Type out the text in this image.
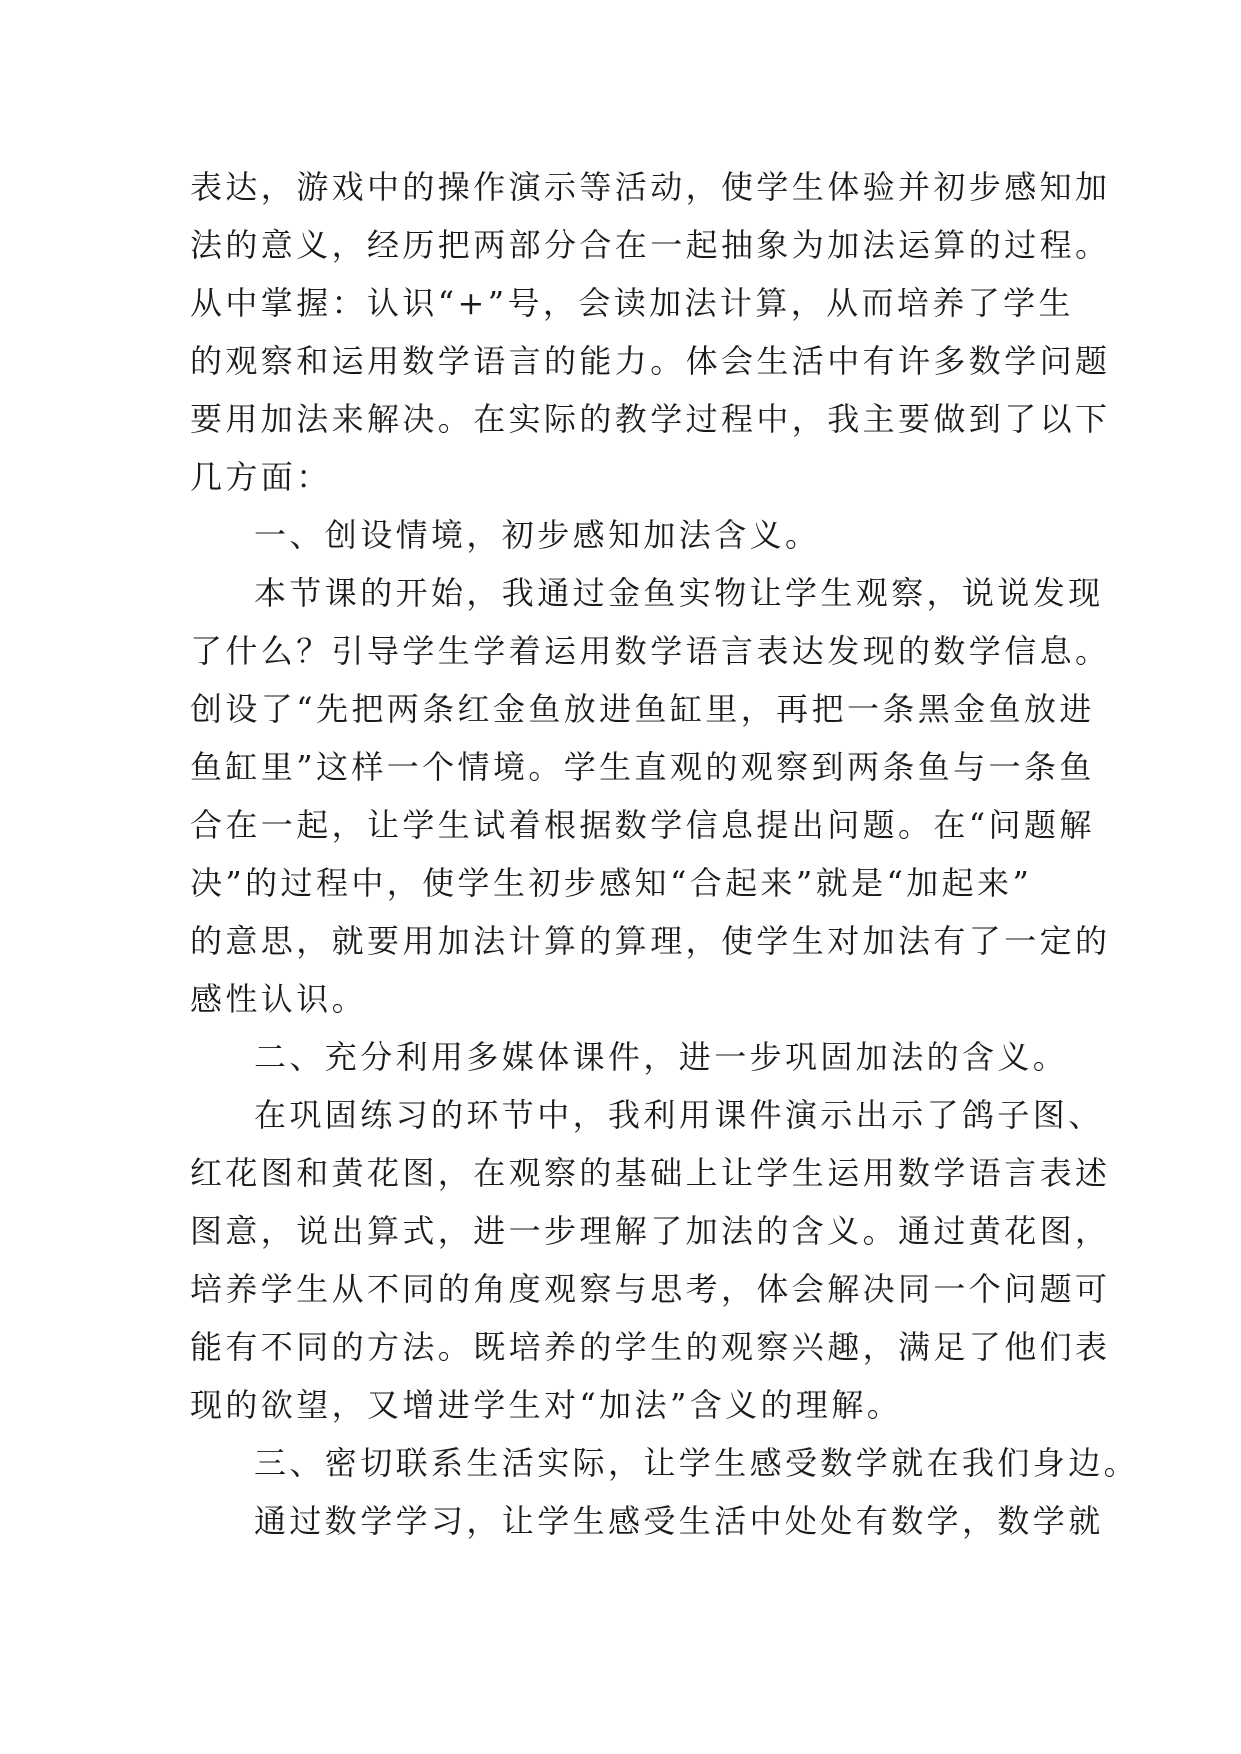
表达，游戏中的操作演示等活动，使学生体验并初步感知加
法的意义，经历把两部分合在一起抽象为加法运算的过程。
从中掌握：认识“+”号，会读加法计算，从而培养了学生
的观察和运用数学语言的能力。体会生活中有许多数学问题
要用加法来解决。在实际的教学过程中，我主要做到了以下
几方面：
一、创设情境，初步感知加法含义。
本节课的开始，我通过金鱼实物让学生观察，说说发现
了什么？引导学生学着运用数学语言表达发现的数学信息。
创设了“先把两条红金鱼放进鱼缸里，再把一条黑金鱼放进
鱼缸里”这样一个情境。学生直观的观察到两条鱼与一条鱼
合在一起，让学生试着根据数学信息提出问题。在“问题解
决”的过程中，使学生初步感知“合起来”就是“加起来”
的意思，就要用加法计算的算理，使学生对加法有了一定的
感性认识。
二、充分利用多媒体课件，进一步巩固加法的含义。
在巩固练习的环节中，我利用课件演示出示了鸽子图、
红花图和黄花图，在观察的基础上让学生运用数学语言表述
图意，说出算式，进一步理解了加法的含义。通过黄花图，
培养学生从不同的角度观察与思考，体会解决同一个问题可
能有不同的方法。既培养的学生的观察兴趣，满足了他们表
现的欲望，又增进学生对“加法”含义的理解。
三、密切联系生活实际，让学生感受数学就在我们身边。
通过数学学习，让学生感受生活中处处有数学，数学就
